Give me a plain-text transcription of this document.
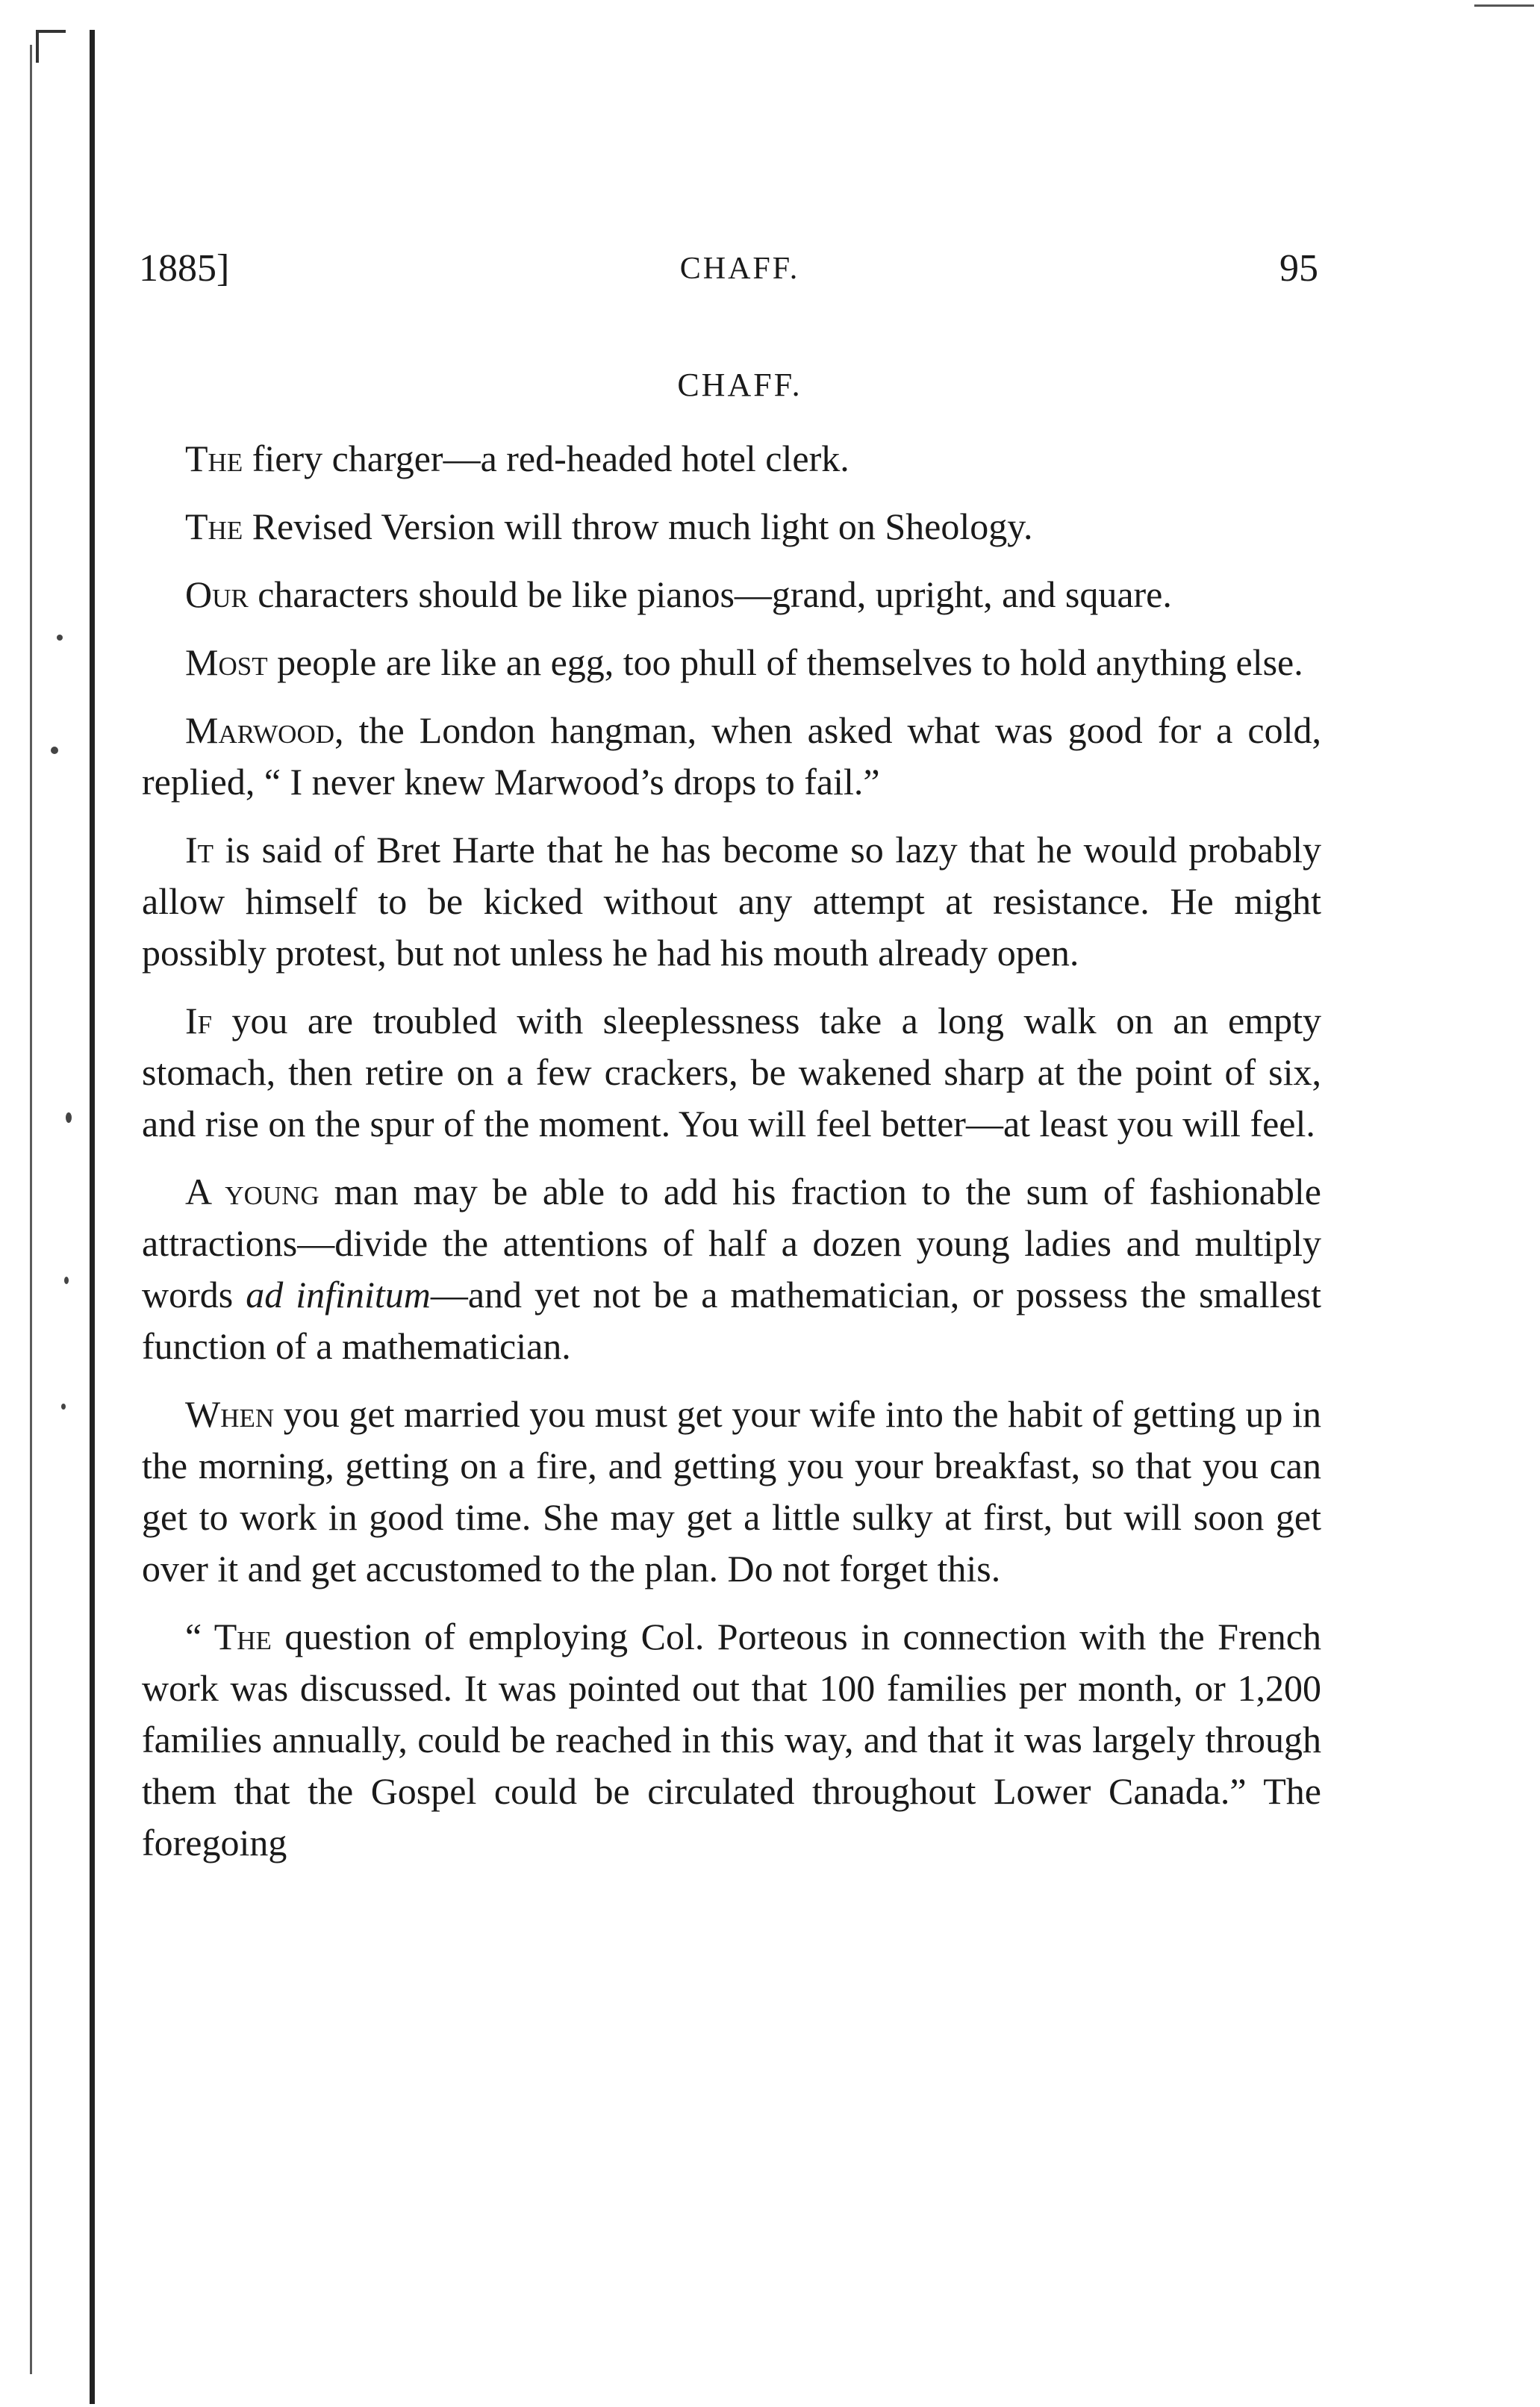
1885]	CHAFF.	95
CHAFF.

The fiery charger—a red-headed hotel clerk.

The Revised Version will throw much light on Sheology.

Our characters should be like pianos—grand, upright, and square.

Most people are like an egg, too phull of themselves to hold anything else.

Marwood, the London hangman, when asked what was good for a cold, replied, “ I never knew Marwood’s drops to fail.”

It is said of Bret Harte that he has become so lazy that he would probably allow himself to be kicked without any attempt at resistance. He might possibly protest, but not unless he had his mouth already open.

If you are troubled with sleeplessness take a long walk on an empty stomach, then retire on a few crackers, be wakened sharp at the point of six, and rise on the spur of the moment. You will feel better—at least you will feel.

A young man may be able to add his fraction to the sum of fashionable attractions—divide the attentions of half a dozen young ladies and multiply words ad infinitum—and yet not be a mathematician, or possess the smallest function of a mathematician.

When you get married you must get your wife into the habit of getting up in the morning, getting on a fire, and getting you your breakfast, so that you can get to work in good time. She may get a little sulky at first, but will soon get over it and get accustomed to the plan. Do not forget this.

“ The question of employing Col. Porteous in connection with the French work was discussed. It was pointed out that 100 families per month, or 1,200 families annually, could be reached in this way, and that it was largely through them that the Gospel could be circulated throughout Lower Canada.” The foregoing
